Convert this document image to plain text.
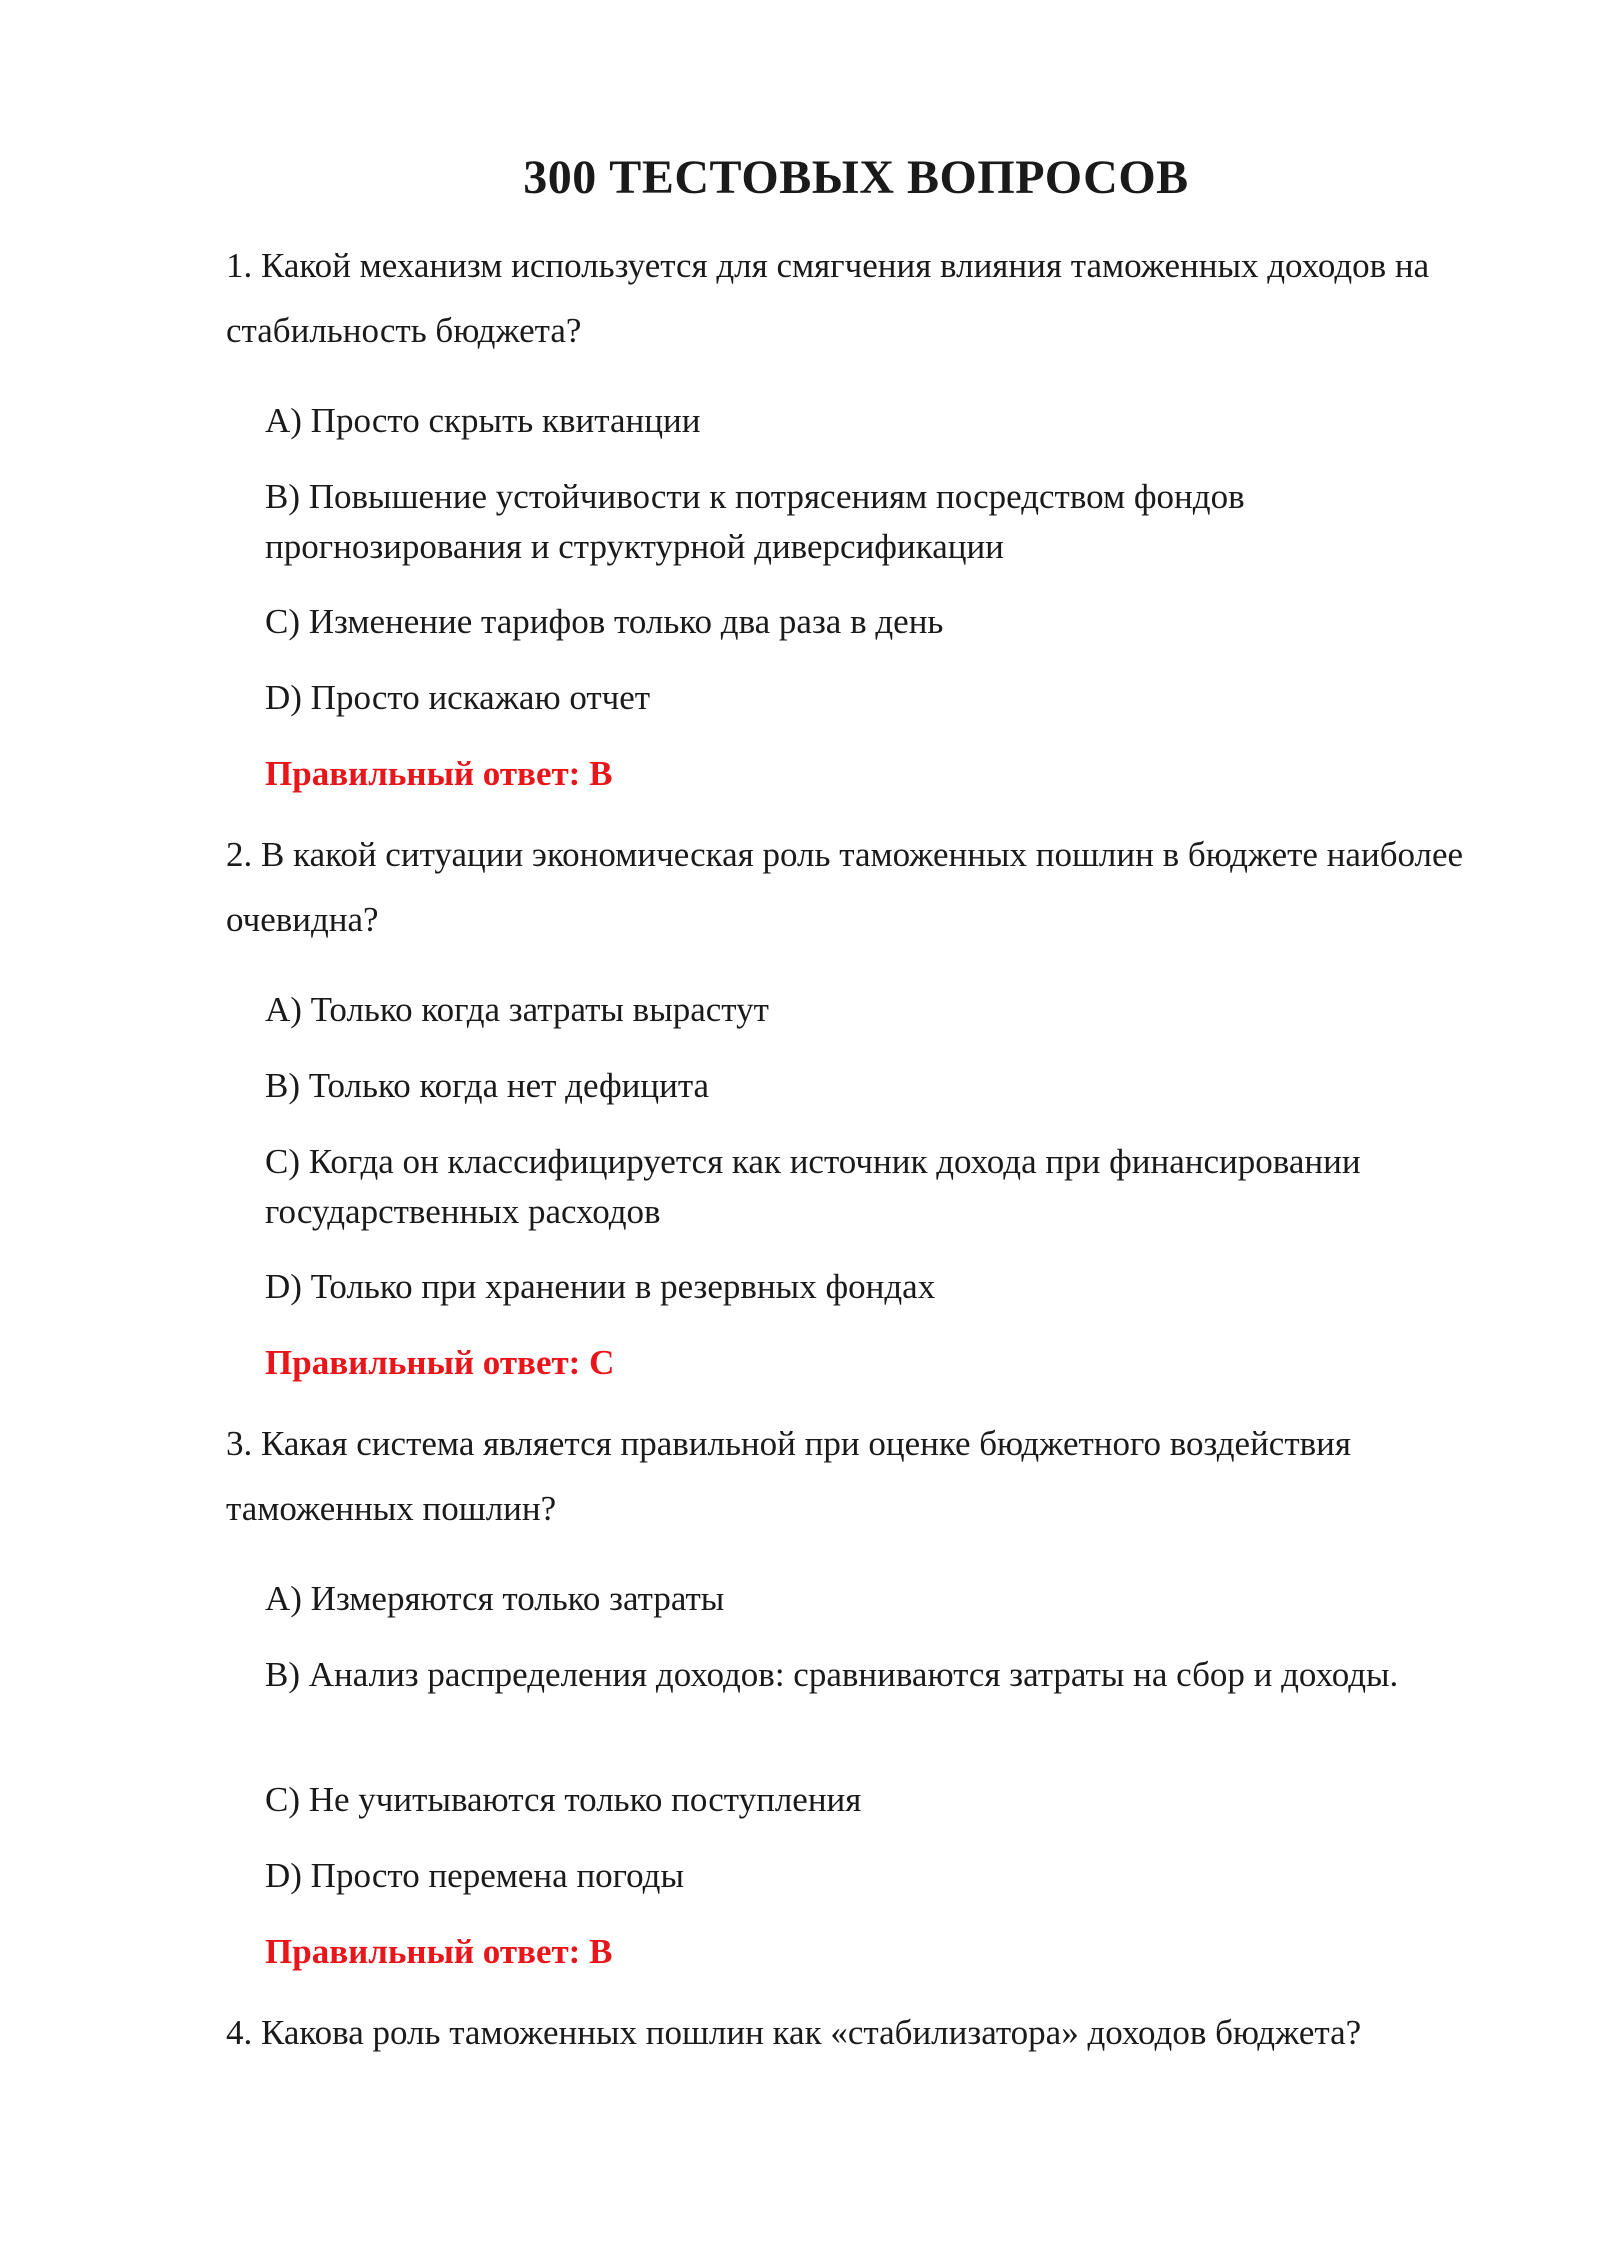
300 ТЕСТОВЫХ ВОПРОСОВ
1. Какой механизм используется для смягчения влияния таможенных доходов на стабильность бюджета?
A) Просто скрыть квитанции
B) Повышение устойчивости к потрясениям посредством фондов прогнозирования и структурной диверсификации
C) Изменение тарифов только два раза в день
D) Просто искажаю отчет
Правильный ответ: B
2. В какой ситуации экономическая роль таможенных пошлин в бюджете наиболее очевидна?
A) Только когда затраты вырастут
B) Только когда нет дефицита
C) Когда он классифицируется как источник дохода при финансировании государственных расходов
D) Только при хранении в резервных фондах
Правильный ответ: C
3. Какая система является правильной при оценке бюджетного воздействия таможенных пошлин?
A) Измеряются только затраты
B) Анализ распределения доходов: сравниваются затраты на сбор и доходы.
C) Не учитываются только поступления
D) Просто перемена погоды
Правильный ответ: B
4. Какова роль таможенных пошлин как «стабилизатора» доходов бюджета?
